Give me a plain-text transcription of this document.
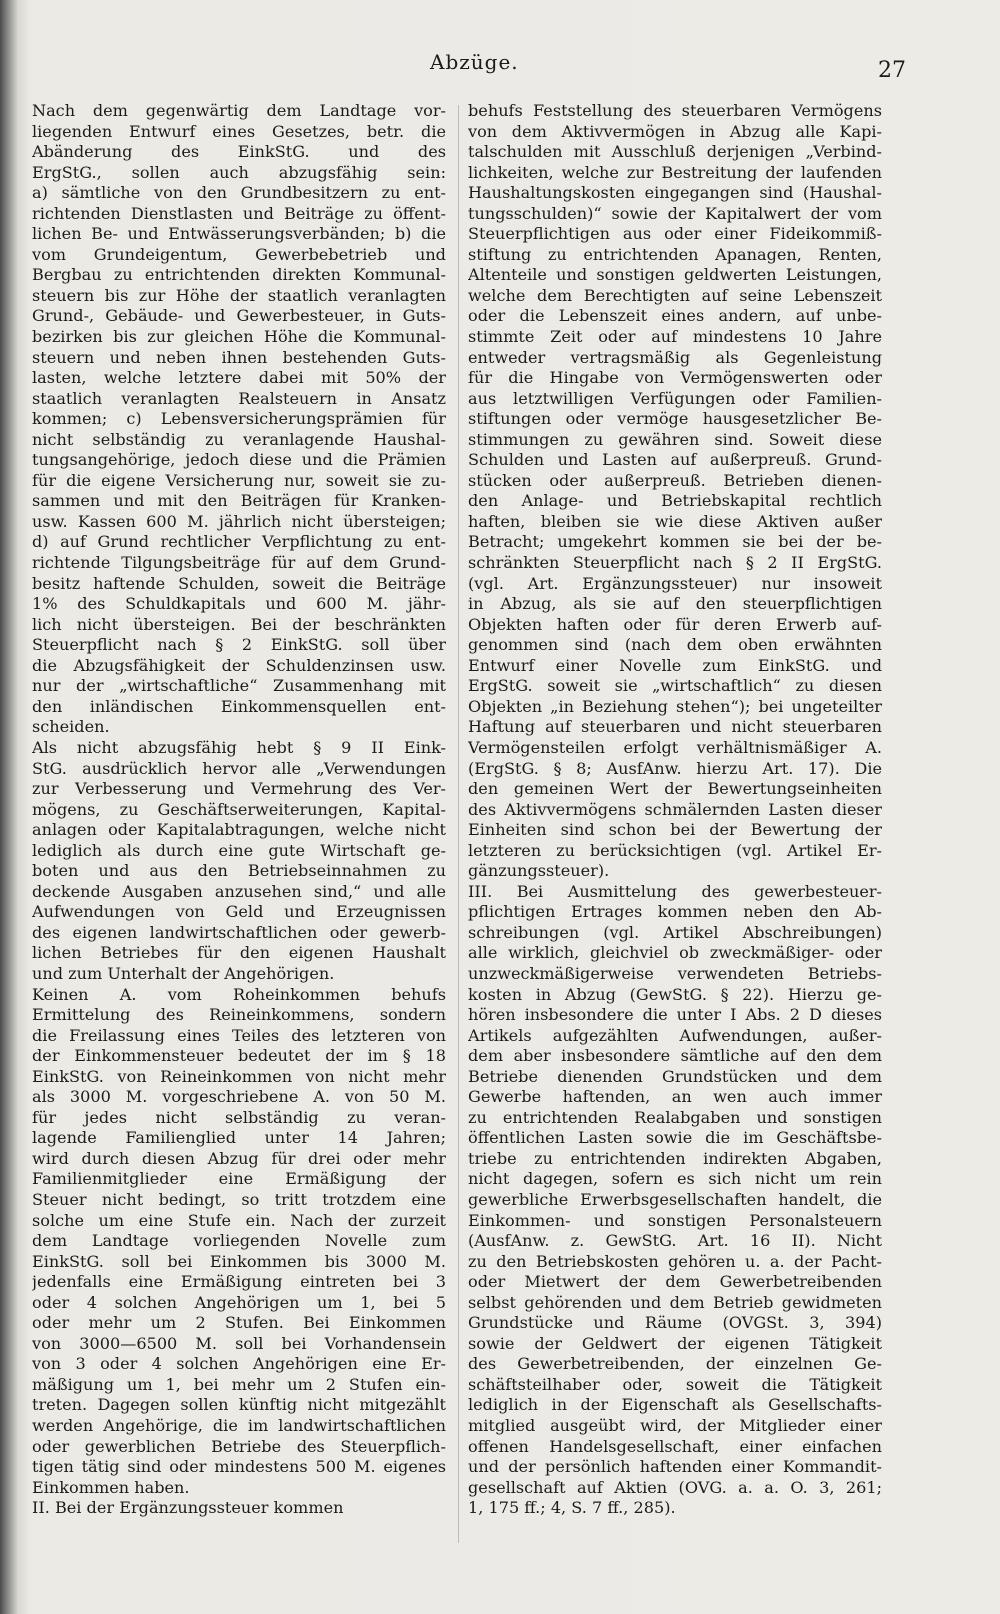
Abzüge.	27
Nach dem gegenwärtig dem Landtage vor-
liegenden Entwurf eines Gesetzes, betr. die
Abänderung des EinkStG. und des
ErgStG., sollen auch abzugsfähig sein:
a) sämtliche von den Grundbesitzern zu ent-
richtenden Dienstlasten und Beiträge zu öffent-
lichen Be- und Entwässerungsverbänden; b) die
vom Grundeigentum, Gewerbebetrieb und
Bergbau zu entrichtenden direkten Kommunal-
steuern bis zur Höhe der staatlich veranlagten
Grund-, Gebäude- und Gewerbesteuer, in Guts-
bezirken bis zur gleichen Höhe die Kommunal-
steuern und neben ihnen bestehenden Guts-
lasten, welche letztere dabei mit 50% der
staatlich veranlagten Realsteuern in Ansatz
kommen; c) Lebensversicherungsprämien für
nicht selbständig zu veranlagende Haushal-
tungsangehörige, jedoch diese und die Prämien
für die eigene Versicherung nur, soweit sie zu-
sammen und mit den Beiträgen für Kranken-
usw. Kassen 600 M. jährlich nicht übersteigen;
d) auf Grund rechtlicher Verpflichtung zu ent-
richtende Tilgungsbeiträge für auf dem Grund-
besitz haftende Schulden, soweit die Beiträge
1% des Schuldkapitals und 600 M. jähr-
lich nicht übersteigen. Bei der beschränkten
Steuerpflicht nach § 2 EinkStG. soll über
die Abzugsfähigkeit der Schuldenzinsen usw.
nur der „wirtschaftliche“ Zusammenhang mit
den inländischen Einkommensquellen ent-
scheiden.
Als nicht abzugsfähig hebt § 9 II Eink-
StG. ausdrücklich hervor alle „Verwendungen
zur Verbesserung und Vermehrung des Ver-
mögens, zu Geschäftserweiterungen, Kapital-
anlagen oder Kapitalabtragungen, welche nicht
lediglich als durch eine gute Wirtschaft ge-
boten und aus den Betriebseinnahmen zu
deckende Ausgaben anzusehen sind,“ und alle
Aufwendungen von Geld und Erzeugnissen
des eigenen landwirtschaftlichen oder gewerb-
lichen Betriebes für den eigenen Haushalt
und zum Unterhalt der Angehörigen.
Keinen A. vom Roheinkommen behufs
Ermittelung des Reineinkommens, sondern
die Freilassung eines Teiles des letzteren von
der Einkommensteuer bedeutet der im § 18
EinkStG. von Reineinkommen von nicht mehr
als 3000 M. vorgeschriebene A. von 50 M.
für jedes nicht selbständig zu veran-
lagende Familienglied unter 14 Jahren;
wird durch diesen Abzug für drei oder mehr
Familienmitglieder eine Ermäßigung der
Steuer nicht bedingt, so tritt trotzdem eine
solche um eine Stufe ein. Nach der zurzeit
dem Landtage vorliegenden Novelle zum
EinkStG. soll bei Einkommen bis 3000 M.
jedenfalls eine Ermäßigung eintreten bei 3
oder 4 solchen Angehörigen um 1, bei 5
oder mehr um 2 Stufen. Bei Einkommen
von 3000—6500 M. soll bei Vorhandensein
von 3 oder 4 solchen Angehörigen eine Er-
mäßigung um 1, bei mehr um 2 Stufen ein-
treten. Dagegen sollen künftig nicht mitgezählt
werden Angehörige, die im landwirtschaftlichen
oder gewerblichen Betriebe des Steuerpflich-
tigen tätig sind oder mindestens 500 M. eigenes
Einkommen haben.
II. Bei der Ergänzungssteuer kommen
behufs Feststellung des steuerbaren Vermögens
von dem Aktivvermögen in Abzug alle Kapi-
talschulden mit Ausschluß derjenigen „Verbind-
lichkeiten, welche zur Bestreitung der laufenden
Haushaltungskosten eingegangen sind (Haushal-
tungsschulden)“ sowie der Kapitalwert der vom
Steuerpflichtigen aus oder einer Fideikommiß-
stiftung zu entrichtenden Apanagen, Renten,
Altenteile und sonstigen geldwerten Leistungen,
welche dem Berechtigten auf seine Lebenszeit
oder die Lebenszeit eines andern, auf unbe-
stimmte Zeit oder auf mindestens 10 Jahre
entweder vertragsmäßig als Gegenleistung
für die Hingabe von Vermögenswerten oder
aus letztwilligen Verfügungen oder Familien-
stiftungen oder vermöge hausgesetzlicher Be-
stimmungen zu gewähren sind. Soweit diese
Schulden und Lasten auf außerpreuß. Grund-
stücken oder außerpreuß. Betrieben dienen-
den Anlage- und Betriebskapital rechtlich
haften, bleiben sie wie diese Aktiven außer
Betracht; umgekehrt kommen sie bei der be-
schränkten Steuerpflicht nach § 2 II ErgStG.
(vgl. Art. Ergänzungssteuer) nur insoweit
in Abzug, als sie auf den steuerpflichtigen
Objekten haften oder für deren Erwerb auf-
genommen sind (nach dem oben erwähnten
Entwurf einer Novelle zum EinkStG. und
ErgStG. soweit sie „wirtschaftlich“ zu diesen
Objekten „in Beziehung stehen“); bei ungeteilter
Haftung auf steuerbaren und nicht steuerbaren
Vermögensteilen erfolgt verhältnismäßiger A.
(ErgStG. § 8; AusfAnw. hierzu Art. 17). Die
den gemeinen Wert der Bewertungseinheiten
des Aktivvermögens schmälernden Lasten dieser
Einheiten sind schon bei der Bewertung der
letzteren zu berücksichtigen (vgl. Artikel Er-
gänzungssteuer).
III. Bei Ausmittelung des gewerbesteuer-
pflichtigen Ertrages kommen neben den Ab-
schreibungen (vgl. Artikel Abschreibungen)
alle wirklich, gleichviel ob zweckmäßiger- oder
unzweckmäßigerweise verwendeten Betriebs-
kosten in Abzug (GewStG. § 22). Hierzu ge-
hören insbesondere die unter I Abs. 2 D dieses
Artikels aufgezählten Aufwendungen, außer-
dem aber insbesondere sämtliche auf den dem
Betriebe dienenden Grundstücken und dem
Gewerbe haftenden, an wen auch immer
zu entrichtenden Realabgaben und sonstigen
öffentlichen Lasten sowie die im Geschäftsbe-
triebe zu entrichtenden indirekten Abgaben,
nicht dagegen, sofern es sich nicht um rein
gewerbliche Erwerbsgesellschaften handelt, die
Einkommen- und sonstigen Personalsteuern
(AusfAnw. z. GewStG. Art. 16 II). Nicht
zu den Betriebskosten gehören u. a. der Pacht-
oder Mietwert der dem Gewerbetreibenden
selbst gehörenden und dem Betrieb gewidmeten
Grundstücke und Räume (OVGSt. 3, 394)
sowie der Geldwert der eigenen Tätigkeit
des Gewerbetreibenden, der einzelnen Ge-
schäftsteilhaber oder, soweit die Tätigkeit
lediglich in der Eigenschaft als Gesellschafts-
mitglied ausgeübt wird, der Mitglieder einer
offenen Handelsgesellschaft, einer einfachen
und der persönlich haftenden einer Kommandit-
gesellschaft auf Aktien (OVG. a. a. O. 3, 261;
1, 175 ff.; 4, S. 7 ff., 285).
